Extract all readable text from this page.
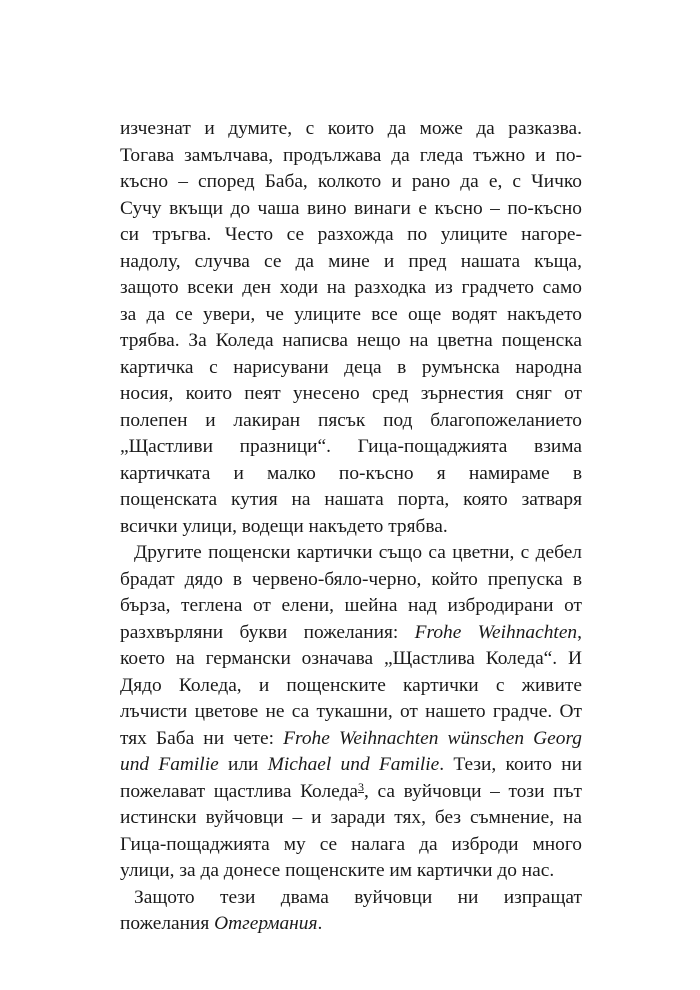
изчезнат и думите, с които да може да разказва.
Тогава замълчава, продължава да гледа тъжно и по-
късно – според Баба, колкото и рано да е, с Чичко
Сучу вкъщи до чаша вино винаги е късно – по-късно
си тръгва. Често се разхожда по улиците нагоре-
надолу, случва се да мине и пред нашата къща,
защото всеки ден ходи на разходка из градчето само
за да се увери, че улиците все още водят накъдето
трябва. За Коледа написва нещо на цветна пощенска
картичка с нарисувани деца в румънска народна
носия, които пеят унесено сред зърнестия сняг от
полепен и лакиран пясък под благопожеланието
„Щастливи празници“. Гица-пощаджията взима
картичката и малко по-късно я намираме в
пощенската кутия на нашата порта, която затваря
всички улици, водещи накъдето трябва.
Другите пощенски картички също са цветни, с дебел
брадат дядо в червено-бяло-черно, който препуска в
бърза, теглена от елени, шейна над избродирани от
разхвърляни букви пожелания: Frohe Weihnachten,
което на германски означава „Щастлива Коледа“. И
Дядо Коледа, и пощенските картички с живите
лъчисти цветове не са тукашни, от нашето градче. От
тях Баба ни чете: Frohe Weihnachten wünschen Georg
und Familie или Michael und Familie. Тези, които ни
пожелават щастлива Коледа$^3$, са вуйчовци – този път
истински вуйчовци – и заради тях, без съмнение, на
Гица-пощаджията му се налага да изброди много
улици, за да донесе пощенските им картички до нас.
Защото тези двама вуйчовци ни изпращат
пожелания Отгермания.
